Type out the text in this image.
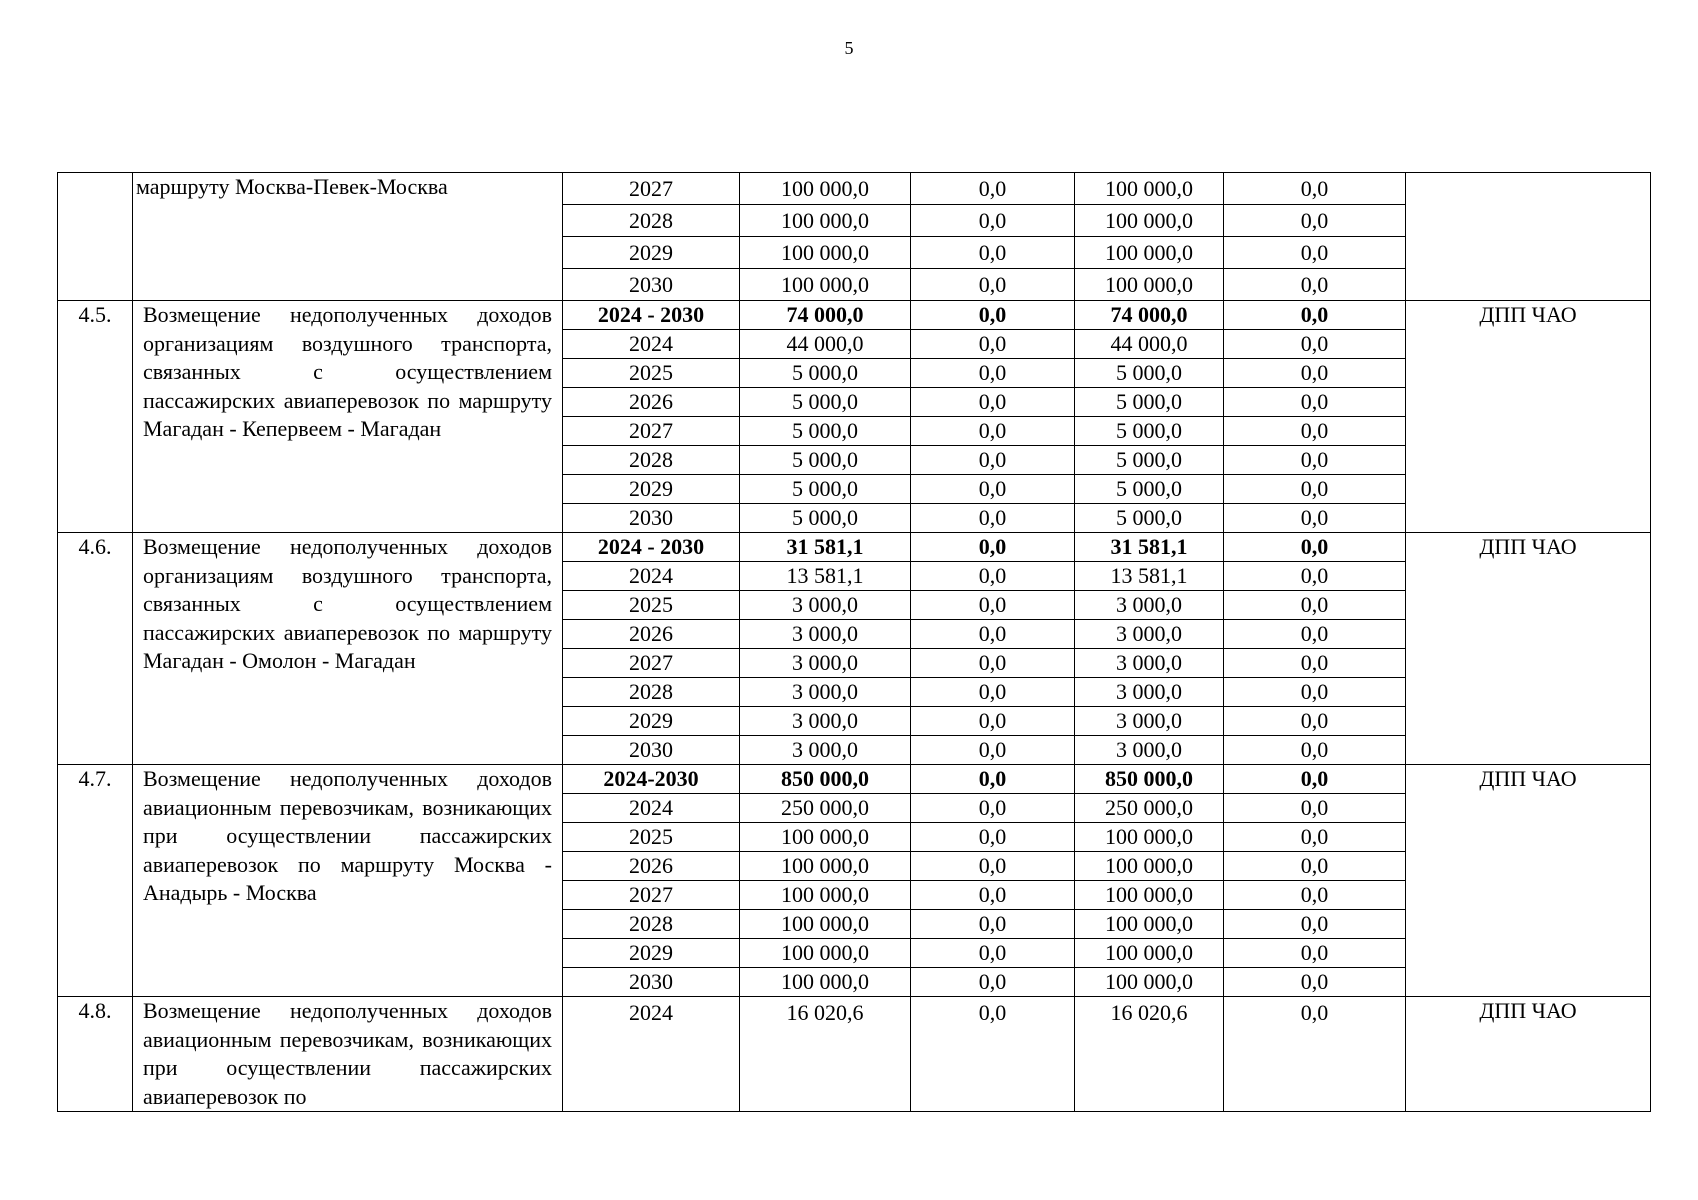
5
	маршруту Москва-Певек-Москва	2027	100 000,0	0,0	100 000,0	0,0	
		2028	100 000,0	0,0	100 000,0	0,0	
		2029	100 000,0	0,0	100 000,0	0,0	
		2030	100 000,0	0,0	100 000,0	0,0	
4.5.	Возмещение недополученных доходов организациям воздушного транспорта, связанных с осуществлением пассажирских авиаперевозок по маршруту Магадан - Кепервеем - Магадан	2024 - 2030	74 000,0	0,0	74 000,0	0,0	ДПП ЧАО
		2024	44 000,0	0,0	44 000,0	0,0	
		2025	5 000,0	0,0	5 000,0	0,0	
		2026	5 000,0	0,0	5 000,0	0,0	
		2027	5 000,0	0,0	5 000,0	0,0	
		2028	5 000,0	0,0	5 000,0	0,0	
		2029	5 000,0	0,0	5 000,0	0,0	
		2030	5 000,0	0,0	5 000,0	0,0	
4.6.	Возмещение недополученных доходов организациям воздушного транспорта, связанных с осуществлением пассажирских авиаперевозок по маршруту Магадан - Омолон - Магадан	2024 - 2030	31 581,1	0,0	31 581,1	0,0	ДПП ЧАО
		2024	13 581,1	0,0	13 581,1	0,0	
		2025	3 000,0	0,0	3 000,0	0,0	
		2026	3 000,0	0,0	3 000,0	0,0	
		2027	3 000,0	0,0	3 000,0	0,0	
		2028	3 000,0	0,0	3 000,0	0,0	
		2029	3 000,0	0,0	3 000,0	0,0	
		2030	3 000,0	0,0	3 000,0	0,0	
4.7.	Возмещение недополученных доходов авиационным перевозчикам, возникающих при осуществлении пассажирских авиаперевозок по маршруту Москва - Анадырь - Москва	2024-2030	850 000,0	0,0	850 000,0	0,0	ДПП ЧАО
		2024	250 000,0	0,0	250 000,0	0,0	
		2025	100 000,0	0,0	100 000,0	0,0	
		2026	100 000,0	0,0	100 000,0	0,0	
		2027	100 000,0	0,0	100 000,0	0,0	
		2028	100 000,0	0,0	100 000,0	0,0	
		2029	100 000,0	0,0	100 000,0	0,0	
		2030	100 000,0	0,0	100 000,0	0,0	
4.8.	Возмещение недополученных доходов авиационным перевозчикам, возникающих при осуществлении пассажирских авиаперевозок по	2024	16 020,6	0,0	16 020,6	0,0	ДПП ЧАО
